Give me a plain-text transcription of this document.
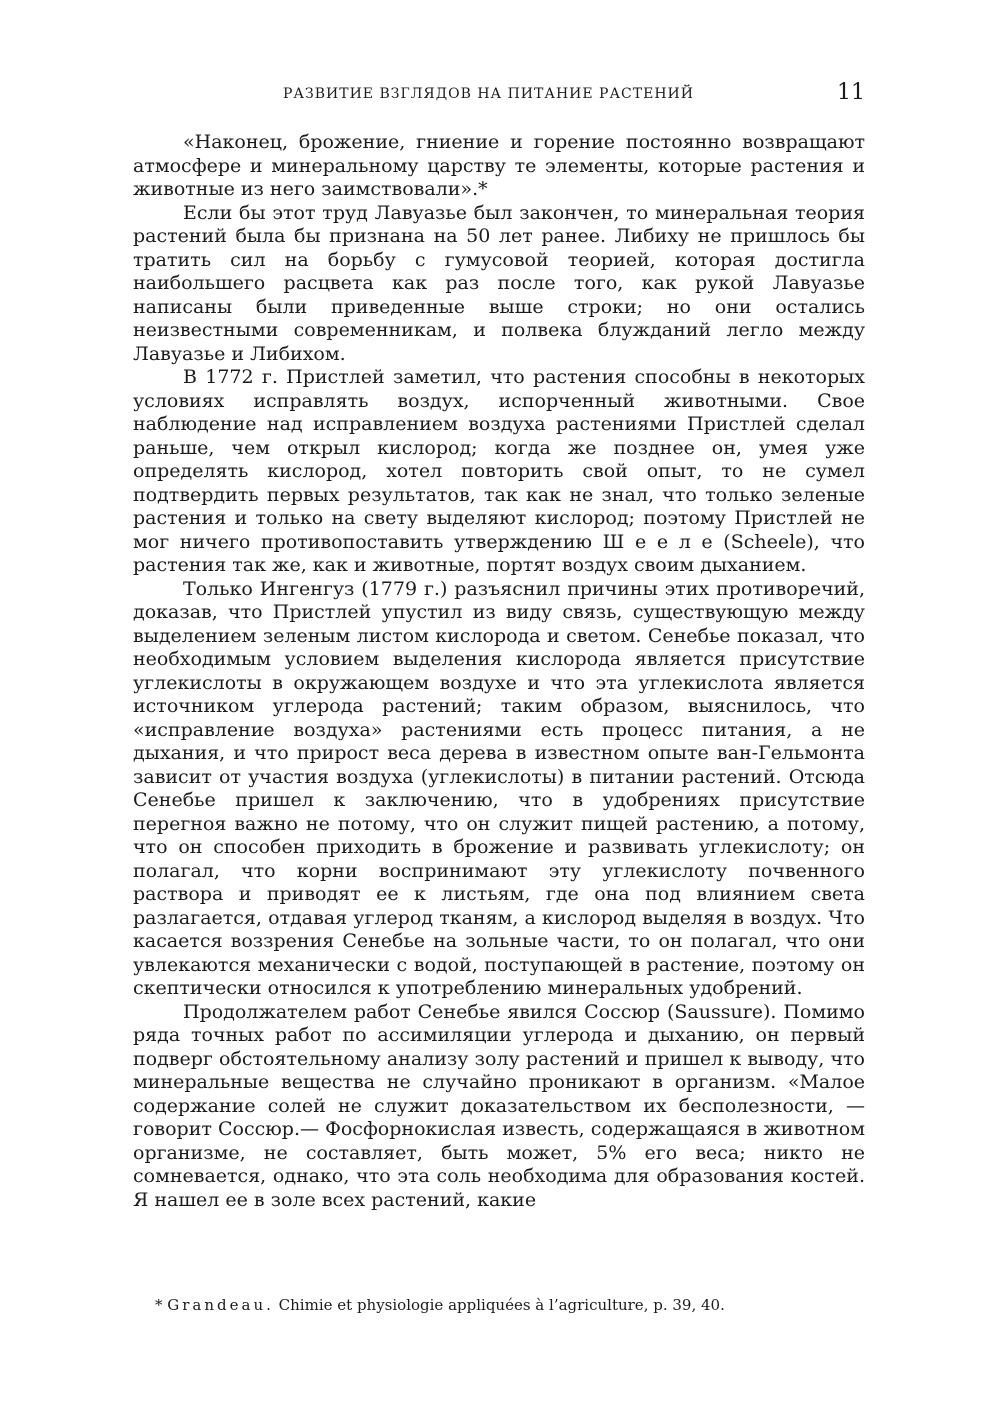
РАЗВИТИЕ ВЗГЛЯДОВ НА ПИТАНИЕ РАСТЕНИЙ	11

«Наконец, брожение, гниение и горение постоянно возвращают атмосфере и минеральному царству те элементы, которые растения и животные из него заимствовали».*

Если бы этот труд Лавуазье был закончен, то минеральная теория растений была бы признана на 50 лет ранее. Либиху не пришлось бы тратить сил на борьбу с гумусовой теорией, которая достигла наибольшего расцвета как раз после того, как рукой Лавуазье написаны были приведенные выше строки; но они остались неизвестными современникам, и полвека блужданий легло между Лавуазье и Либихом.

В 1772 г. Пристлей заметил, что растения способны в некоторых условиях исправлять воздух, испорченный животными. Свое наблюдение над исправлением воздуха растениями Пристлей сделал раньше, чем открыл кислород; когда же позднее он, умея уже определять кислород, хотел повторить свой опыт, то не сумел подтвердить первых результатов, так как не знал, что только зеленые растения и только на свету выделяют кислород; поэтому Пристлей не мог ничего противопоставить утверждению Ш е е л е (Scheele), что растения так же, как и животные, портят воздух своим дыханием.

Только Ингенгуз (1779 г.) разъяснил причины этих противоречий, доказав, что Пристлей упустил из виду связь, существующую между выделением зеленым листом кислорода и светом. Сенебье показал, что необходимым условием выделения кислорода является присутствие углекислоты в окружающем воздухе и что эта углекислота является источником углерода растений; таким образом, выяснилось, что «исправление воздуха» растениями есть процесс питания, а не дыхания, и что прирост веса дерева в известном опыте ван-Гельмонта зависит от участия воздуха (углекислоты) в питании растений. Отсюда Сенебье пришел к заключению, что в удобрениях присутствие перегноя важно не потому, что он служит пищей растению, а потому, что он способен приходить в брожение и развивать углекислоту; он полагал, что корни воспринимают эту углекислоту почвенного раствора и приводят ее к листьям, где она под влиянием света разлагается, отдавая углерод тканям, а кислород выделяя в воздух. Что касается воззрения Сенебье на зольные части, то он полагал, что они увлекаются механически с водой, поступающей в растение, поэтому он скептически относился к употреблению минеральных удобрений.

Продолжателем работ Сенебье явился Соссюр (Saussure). Помимо ряда точных работ по ассимиляции углерода и дыханию, он первый подверг обстоятельному анализу золу растений и пришел к выводу, что минеральные вещества не случайно проникают в организм. «Малое содержание солей не служит доказательством их бесполезности, — говорит Соссюр.— Фосфорнокислая известь, содержащаяся в животном организме, не составляет, быть может, 5% его веса; никто не сомневается, однако, что эта соль необходима для образования костей. Я нашел ее в золе всех растений, какие

* Grandeau. Chimie et physiologie appliquées à l’agriculture, p. 39, 40.
